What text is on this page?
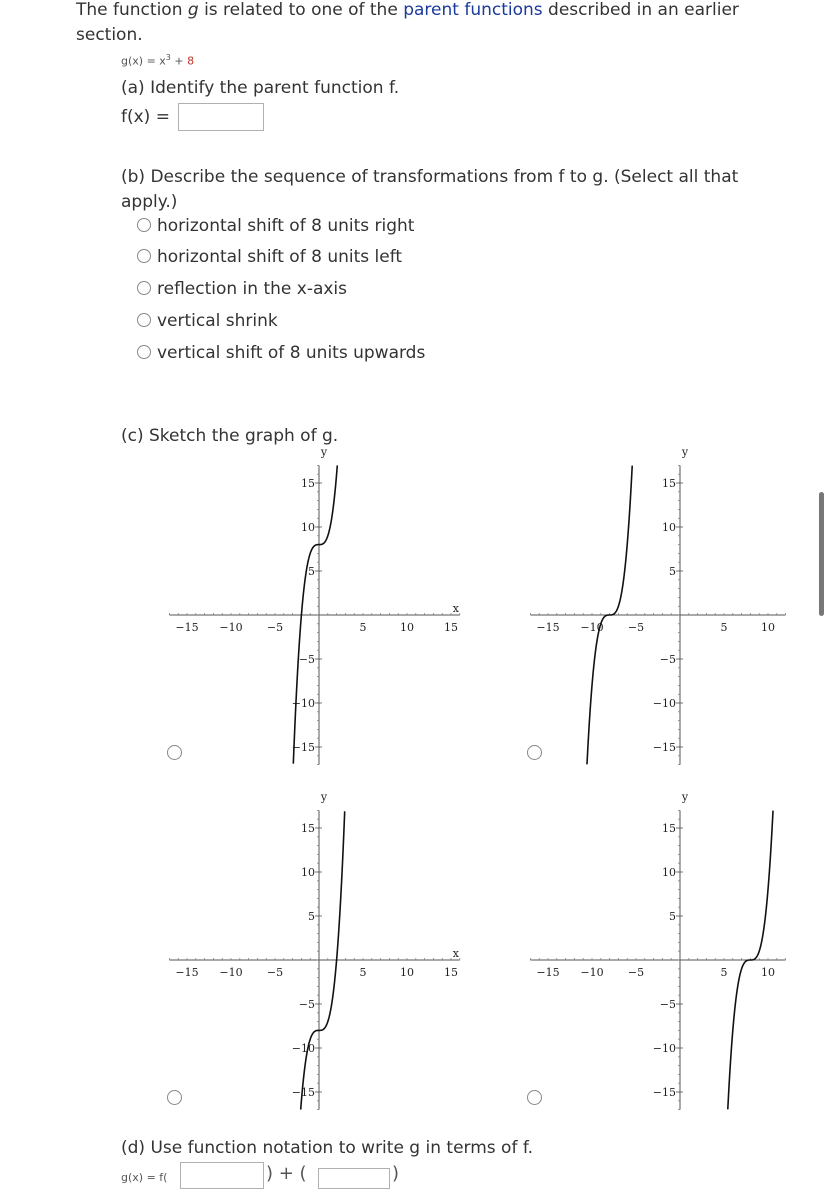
The function g is related to one of the parent functions described in an earlier section.
$g(x) = x^3 + 8$
(a) Identify the parent function f.
f(x) =
(b) Describe the sequence of transformations from f to g. (Select all that apply.)
horizontal shift of 8 units right
horizontal shift of 8 units left
reflection in the x-axis
vertical shrink
vertical shift of 8 units upwards
(c) Sketch the graph of g.
−15 −10 −5	5	10	15
−15
−10
−5
5
10
15
x
y
−15 −10 −5	5	10
−15
−10
−5
5
10
15
y
−15 −10 −5	5	10	15
−15
−10
−5
5
10
15
x
y
−15 −10 −5	5	10
−15
−10
−5
5
10
15
y
(d) Use function notation to write g in terms of f.
g(x) = f(	) + (	)
